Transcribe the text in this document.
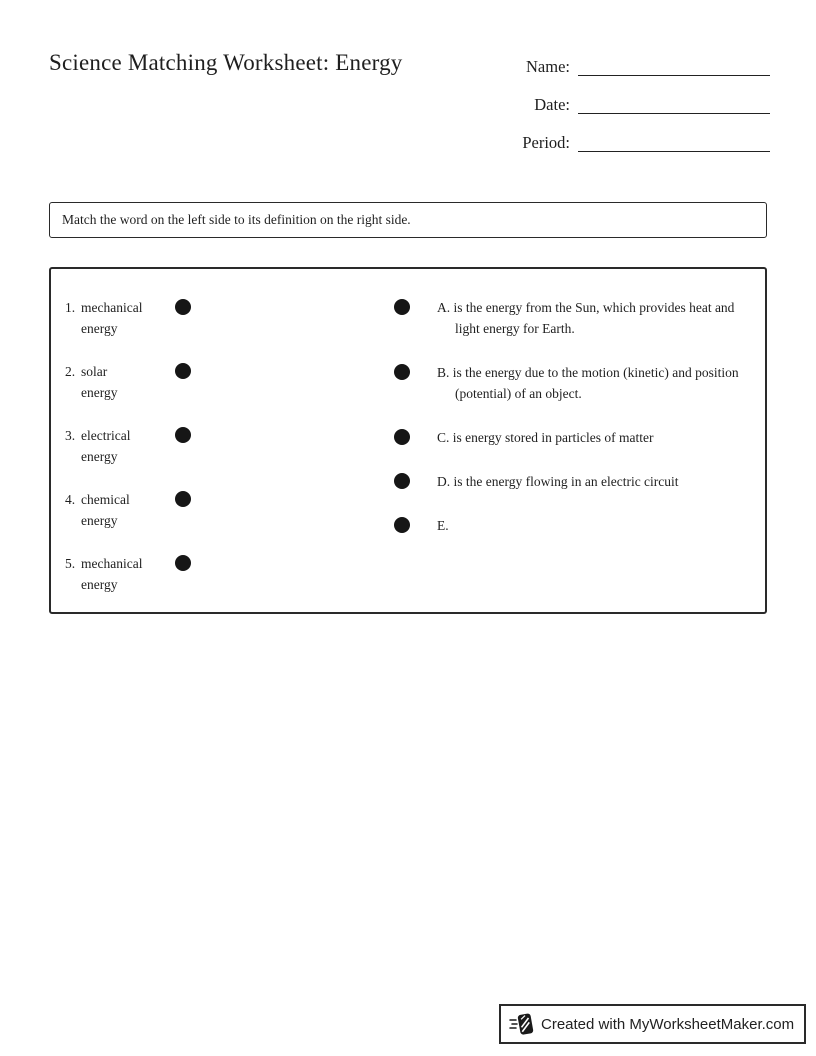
Science Matching Worksheet: Energy	Name:
Date:
Period:
Match the word on the left side to its definition on the right side.
1. mechanical energy
2. solar energy
3. electrical energy
4. chemical energy
5. mechanical energy
A. is the energy from the Sun, which provides heat and light energy for Earth.
B. is the energy due to the motion (kinetic) and position (potential) of an object.
C. is energy stored in particles of matter
D. is the energy flowing in an electric circuit
E.
Created with MyWorksheetMaker.com
